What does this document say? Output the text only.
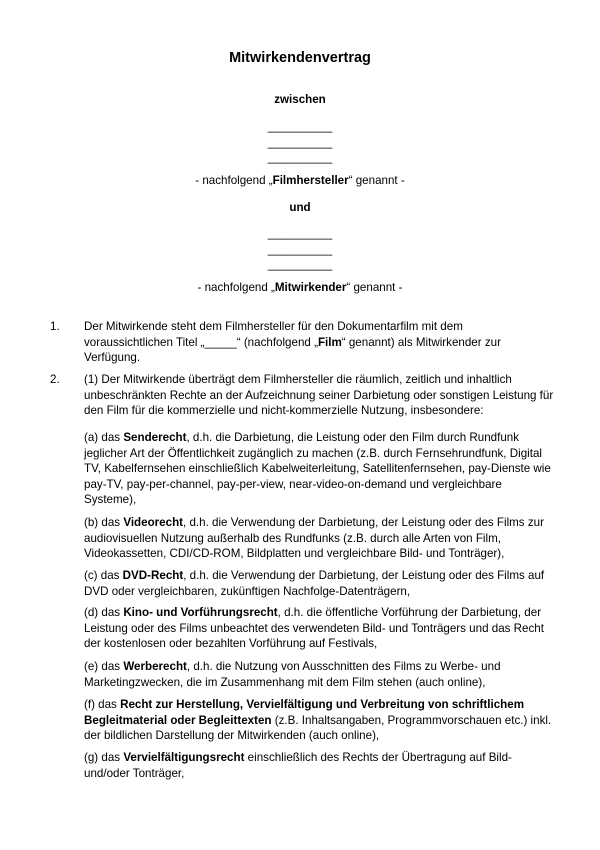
Mitwirkendenvertrag
zwischen
__________
__________
__________
- nachfolgend „Filmhersteller“ genannt -
und
__________
__________
__________
- nachfolgend „Mitwirkender“ genannt -
1.	Der Mitwirkende steht dem Filmhersteller für den Dokumentarfilm mit dem voraussichtlichen Titel „_____“ (nachfolgend „Film“ genannt) als Mitwirkender zur Verfügung.
2.	(1) Der Mitwirkende überträgt dem Filmhersteller die räumlich, zeitlich und inhaltlich unbeschränkten Rechte an der Aufzeichnung seiner Darbietung oder sonstigen Leistung für den Film für die kommerzielle und nicht-kommerzielle Nutzung, insbesondere:

(a) das Senderecht, d.h. die Darbietung, die Leistung oder den Film durch Rundfunk jeglicher Art der Öffentlichkeit zugänglich zu machen (z.B. durch Fernsehrundfunk, Digital TV, Kabelfernsehen einschließlich Kabelweiterleitung, Satellitenfernsehen, pay-Dienste wie pay-TV, pay-per-channel, pay-per-view, near-video-on-demand und vergleichbare Systeme),

(b) das Videorecht, d.h. die Verwendung der Darbietung, der Leistung oder des Films zur audiovisuellen Nutzung außerhalb des Rundfunks (z.B. durch alle Arten von Film, Videokassetten, CDI/CD-ROM, Bildplatten und vergleichbare Bild- und Tonträger),

(c) das DVD-Recht, d.h. die Verwendung der Darbietung, der Leistung oder des Films auf DVD oder vergleichbaren, zukünftigen Nachfolge-Datenträgern,

(d) das Kino- und Vorführungsrecht, d.h. die öffentliche Vorführung der Darbietung, der Leistung oder des Films unbeachtet des verwendeten Bild- und Tonträgers und das Recht der kostenlosen oder bezahlten Vorführung auf Festivals,

(e) das Werberecht, d.h. die Nutzung von Ausschnitten des Films zu Werbe- und Marketingzwecken, die im Zusammenhang mit dem Film stehen (auch online),

(f) das Recht zur Herstellung, Vervielfältigung und Verbreitung von schriftlichem Begleitmaterial oder Begleittexten (z.B. Inhaltsangaben, Programmvorschauen etc.) inkl. der bildlichen Darstellung der Mitwirkenden (auch online),

(g) das Vervielfältigungsrecht einschließlich des Rechts der Übertragung auf Bild- und/oder Tonträger,
